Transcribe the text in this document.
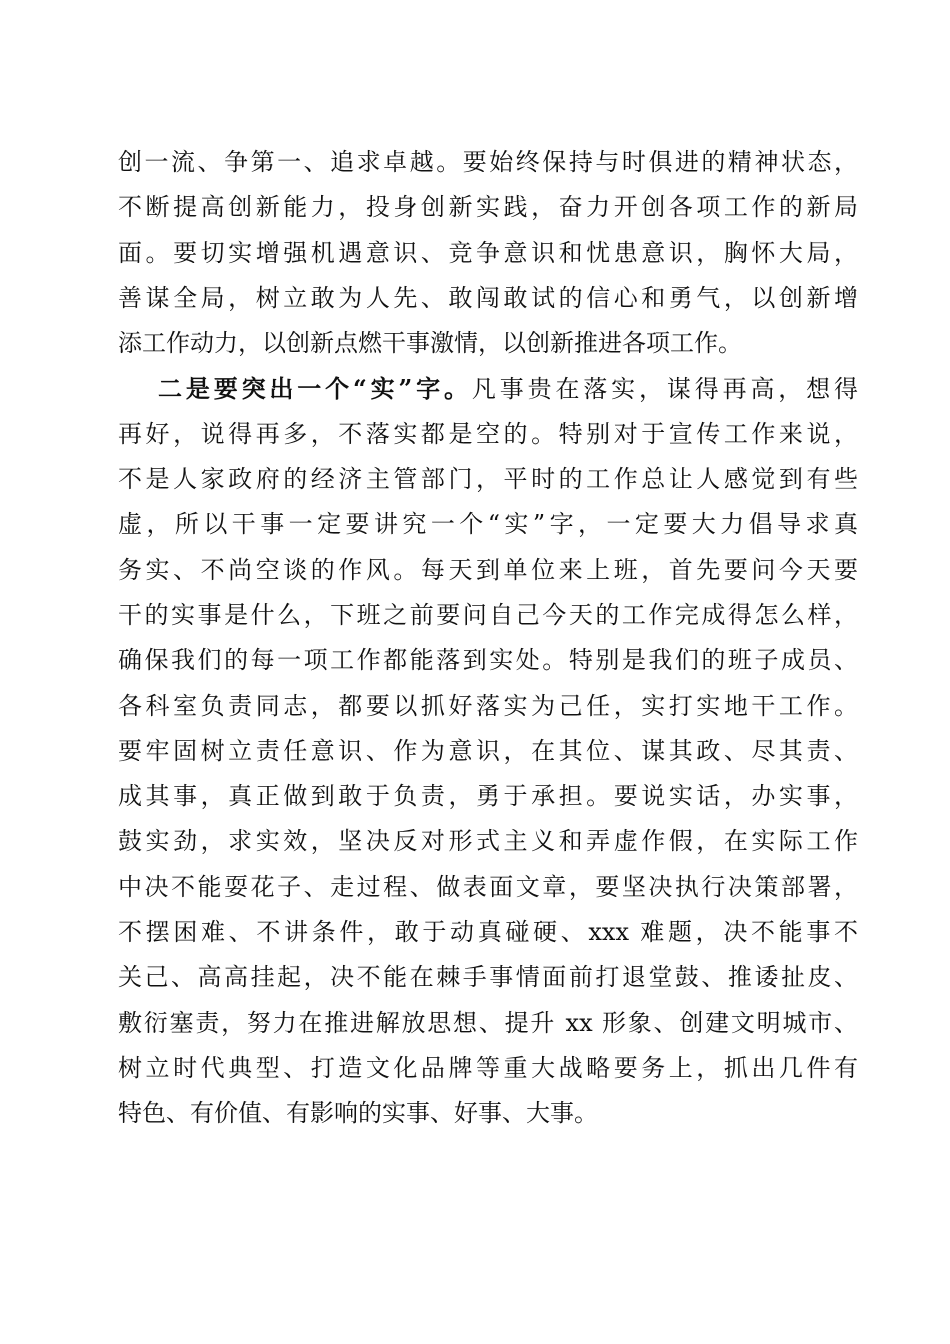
创一流、争第一、追求卓越。要始终保持与时俱进的精神状态，
不断提高创新能力，投身创新实践，奋力开创各项工作的新局
面。要切实增强机遇意识、竞争意识和忧患意识，胸怀大局，
善谋全局，树立敢为人先、敢闯敢试的信心和勇气，以创新增
添工作动力，以创新点燃干事激情，以创新推进各项工作。
二是要突出一个“实”字。凡事贵在落实，谋得再高，想得
再好，说得再多，不落实都是空的。特别对于宣传工作来说，
不是人家政府的经济主管部门，平时的工作总让人感觉到有些
虚，所以干事一定要讲究一个“实”字，一定要大力倡导求真
务实、不尚空谈的作风。每天到单位来上班，首先要问今天要
干的实事是什么，下班之前要问自己今天的工作完成得怎么样，
确保我们的每一项工作都能落到实处。特别是我们的班子成员、
各科室负责同志，都要以抓好落实为己任，实打实地干工作。
要牢固树立责任意识、作为意识，在其位、谋其政、尽其责、
成其事，真正做到敢于负责，勇于承担。要说实话，办实事，
鼓实劲，求实效，坚决反对形式主义和弄虚作假，在实际工作
中决不能耍花子、走过程、做表面文章，要坚决执行决策部署，
不摆困难、不讲条件，敢于动真碰硬、xxx 难题，决不能事不
关己、高高挂起，决不能在棘手事情面前打退堂鼓、推诿扯皮、
敷衍塞责，努力在推进解放思想、提升 xx 形象、创建文明城市、
树立时代典型、打造文化品牌等重大战略要务上，抓出几件有
特色、有价值、有影响的实事、好事、大事。
